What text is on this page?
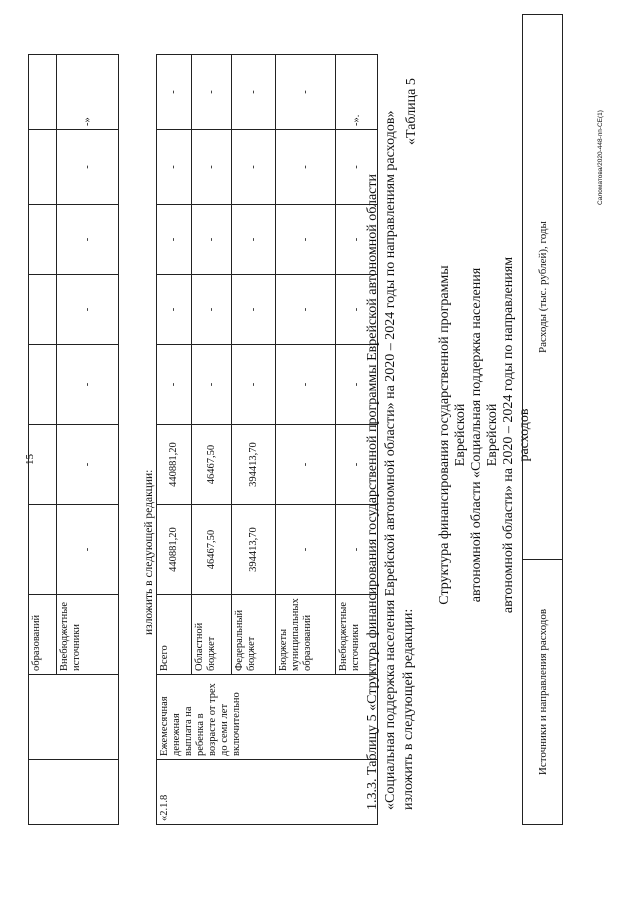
15
		образований							
		Внебюджетные источники	-	-	-	-	-	-	-»
изложить в следующей редакции:
«2.1.8	Ежемесячная денежная выплата на ребенка в возрасте от трех до семи лет включительно	Всего	440881,20	440881,20	-	-	-	-	-
		Областной бюджет	46467,50	46467,50	-	-	-	-	-
		Федеральный бюджет	394413,70	394413,70	-	-	-	-	-
		Бюджеты муниципальных образований	-	-	-	-	-	-	-
		Внебюджетные источники	-	-	-	-	-	-	-».
1.3.3. Таблицу 5 «Структура финансирования государственной программы Еврейской автономной области «Социальная поддержка населения Еврейской автономной области» на 2020 – 2024 годы по направлениям расходов» изложить в следующей редакции:
«Таблица 5
Структура финансирования государственной программы Еврейской автономной области «Социальная поддержка населения Еврейской автономной области» на 2020 – 2024 годы по направлениям расходов
Источники и направления расходов	Расходы (тыс. рублей), годы
Саломатова/2020-448-пп-СЕ(1)
